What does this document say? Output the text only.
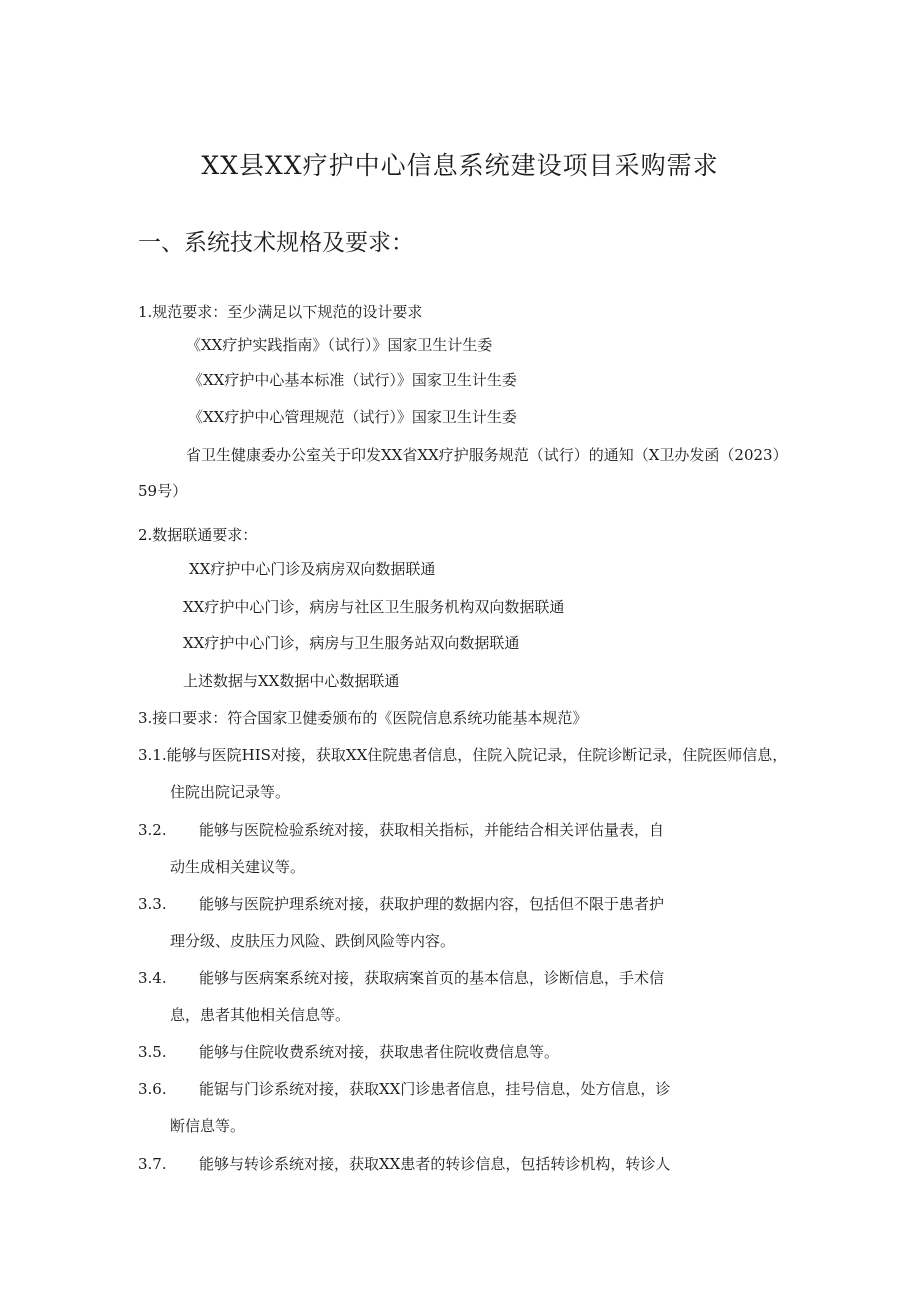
XX县XX疗护中心信息系统建设项目采购需求
一、系统技术规格及要求：
1.规范要求：至少满足以下规范的设计要求
《XX疗护实践指南》（试行）》国家卫生计生委
《XX疗护中心基本标准（试行）》国家卫生计生委
《XX疗护中心管理规范（试行）》国家卫生计生委
省卫生健康委办公室关于印发XX省XX疗护服务规范（试行）的通知（X卫办发函（2023）
59号）
2.数据联通要求：
XX疗护中心门诊及病房双向数据联通
XX疗护中心门诊，病房与社区卫生服务机构双向数据联通
XX疗护中心门诊，病房与卫生服务站双向数据联通
上述数据与XX数据中心数据联通
3.接口要求：符合国家卫健委颁布的《医院信息系统功能基本规范》
3.1.能够与医院HIS对接，获取XX住院患者信息，住院入院记录，住院诊断记录，住院医师信息，
住院出院记录等。
3.2. 能够与医院检验系统对接，获取相关指标，并能结合相关评估量表，自
动生成相关建议等。
3.3. 能够与医院护理系统对接，获取护理的数据内容，包括但不限于患者护
理分级、皮肤压力风险、跌倒风险等内容。
3.4. 能够与医病案系统对接，获取病案首页的基本信息，诊断信息，手术信
息，患者其他相关信息等。
3.5. 能够与住院收费系统对接，获取患者住院收费信息等。
3.6. 能锯与门诊系统对接，获取XX门诊患者信息，挂号信息，处方信息，诊
断信息等。
3.7. 能够与转诊系统对接，获取XX患者的转诊信息，包括转诊机构，转诊人
